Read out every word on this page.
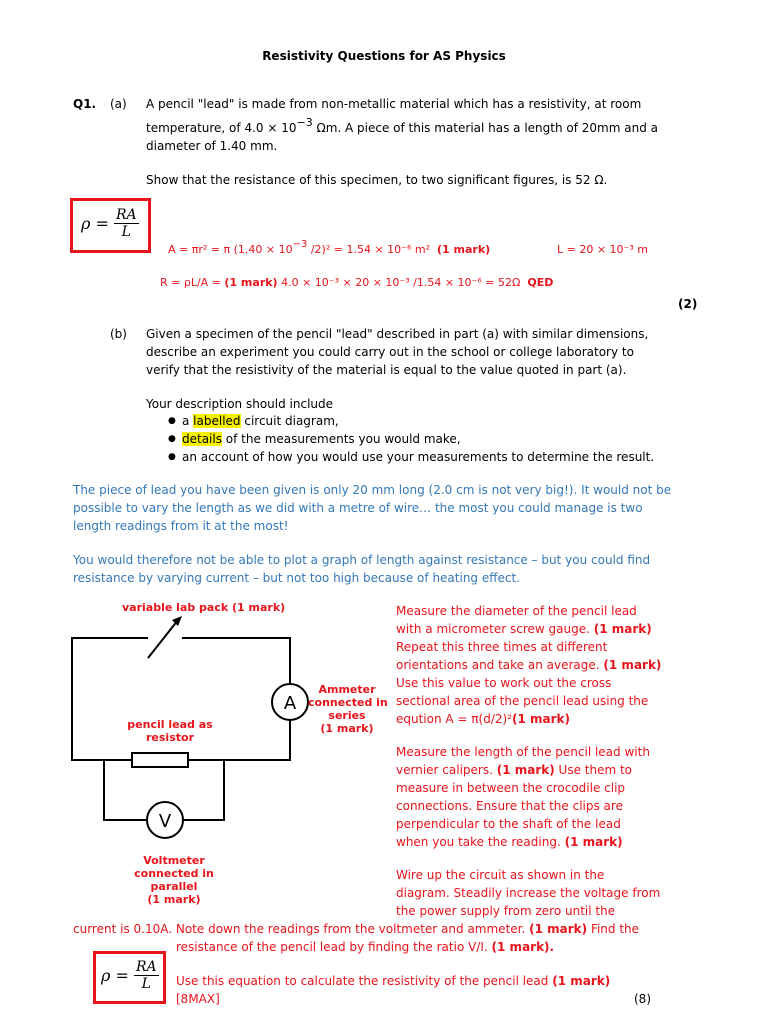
Resistivity Questions for AS Physics
Q1. (a) A pencil "lead" is made from non-metallic material which has a resistivity, at room
temperature, of $4.0 \times 10^{-3}$ Ωm. A piece of this material has a length of 20mm and a
diameter of 1.40 mm.
Show that the resistance of this specimen, to two significant figures, is 52 Ω.
$\rho = \frac{RA}{L}$
A = πr² = π ($1.40 \times 10^{-3}$ /2)² = 1.54 × 10⁻⁶ m² (1 mark)	L = 20 × 10⁻³ m
R = ρL/A = (1 mark) 4.0 × 10⁻³ × 20 × 10⁻³ /1.54 × 10⁻⁶ = 52Ω QED
(2)
(b) Given a specimen of the pencil "lead" described in part (a) with similar dimensions,
describe an experiment you could carry out in the school or college laboratory to
verify that the resistivity of the material is equal to the value quoted in part (a).
Your description should include
● a labelled circuit diagram,
● details of the measurements you would make,
● an account of how you would use your measurements to determine the result.
The piece of lead you have been given is only 20 mm long (2.0 cm is not very big!). It would not be
possible to vary the length as we did with a metre of wire… the most you could manage is two
length readings from it at the most!
You would therefore not be able to plot a graph of length against resistance – but you could find
resistance by varying current – but not too high because of heating effect.
A
V
variable lab pack (1 mark)
Ammeter
connected in
series
(1 mark)
pencil lead as
resistor
Voltmeter
connected in
parallel
(1 mark)
Measure the diameter of the pencil lead
with a micrometer screw gauge. (1 mark)
Repeat this three times at different
orientations and take an average. (1 mark)
Use this value to work out the cross
sectional area of the pencil lead using the
eqution A = π(d/2)²(1 mark)
Measure the length of the pencil lead with
vernier calipers. (1 mark) Use them to
measure in between the crocodile clip
connections. Ensure that the clips are
perpendicular to the shaft of the lead
when you take the reading. (1 mark)
Wire up the circuit as shown in the
diagram. Steadily increase the voltage from
the power supply from zero until the
current is 0.10A. Note down the readings from the voltmeter and ammeter. (1 mark) Find the
resistance of the pencil lead by finding the ratio V/I. (1 mark).
$\rho = \frac{RA}{L}$ Use this equation to calculate the resistivity of the pencil lead (1 mark)
[8MAX]	(8)
